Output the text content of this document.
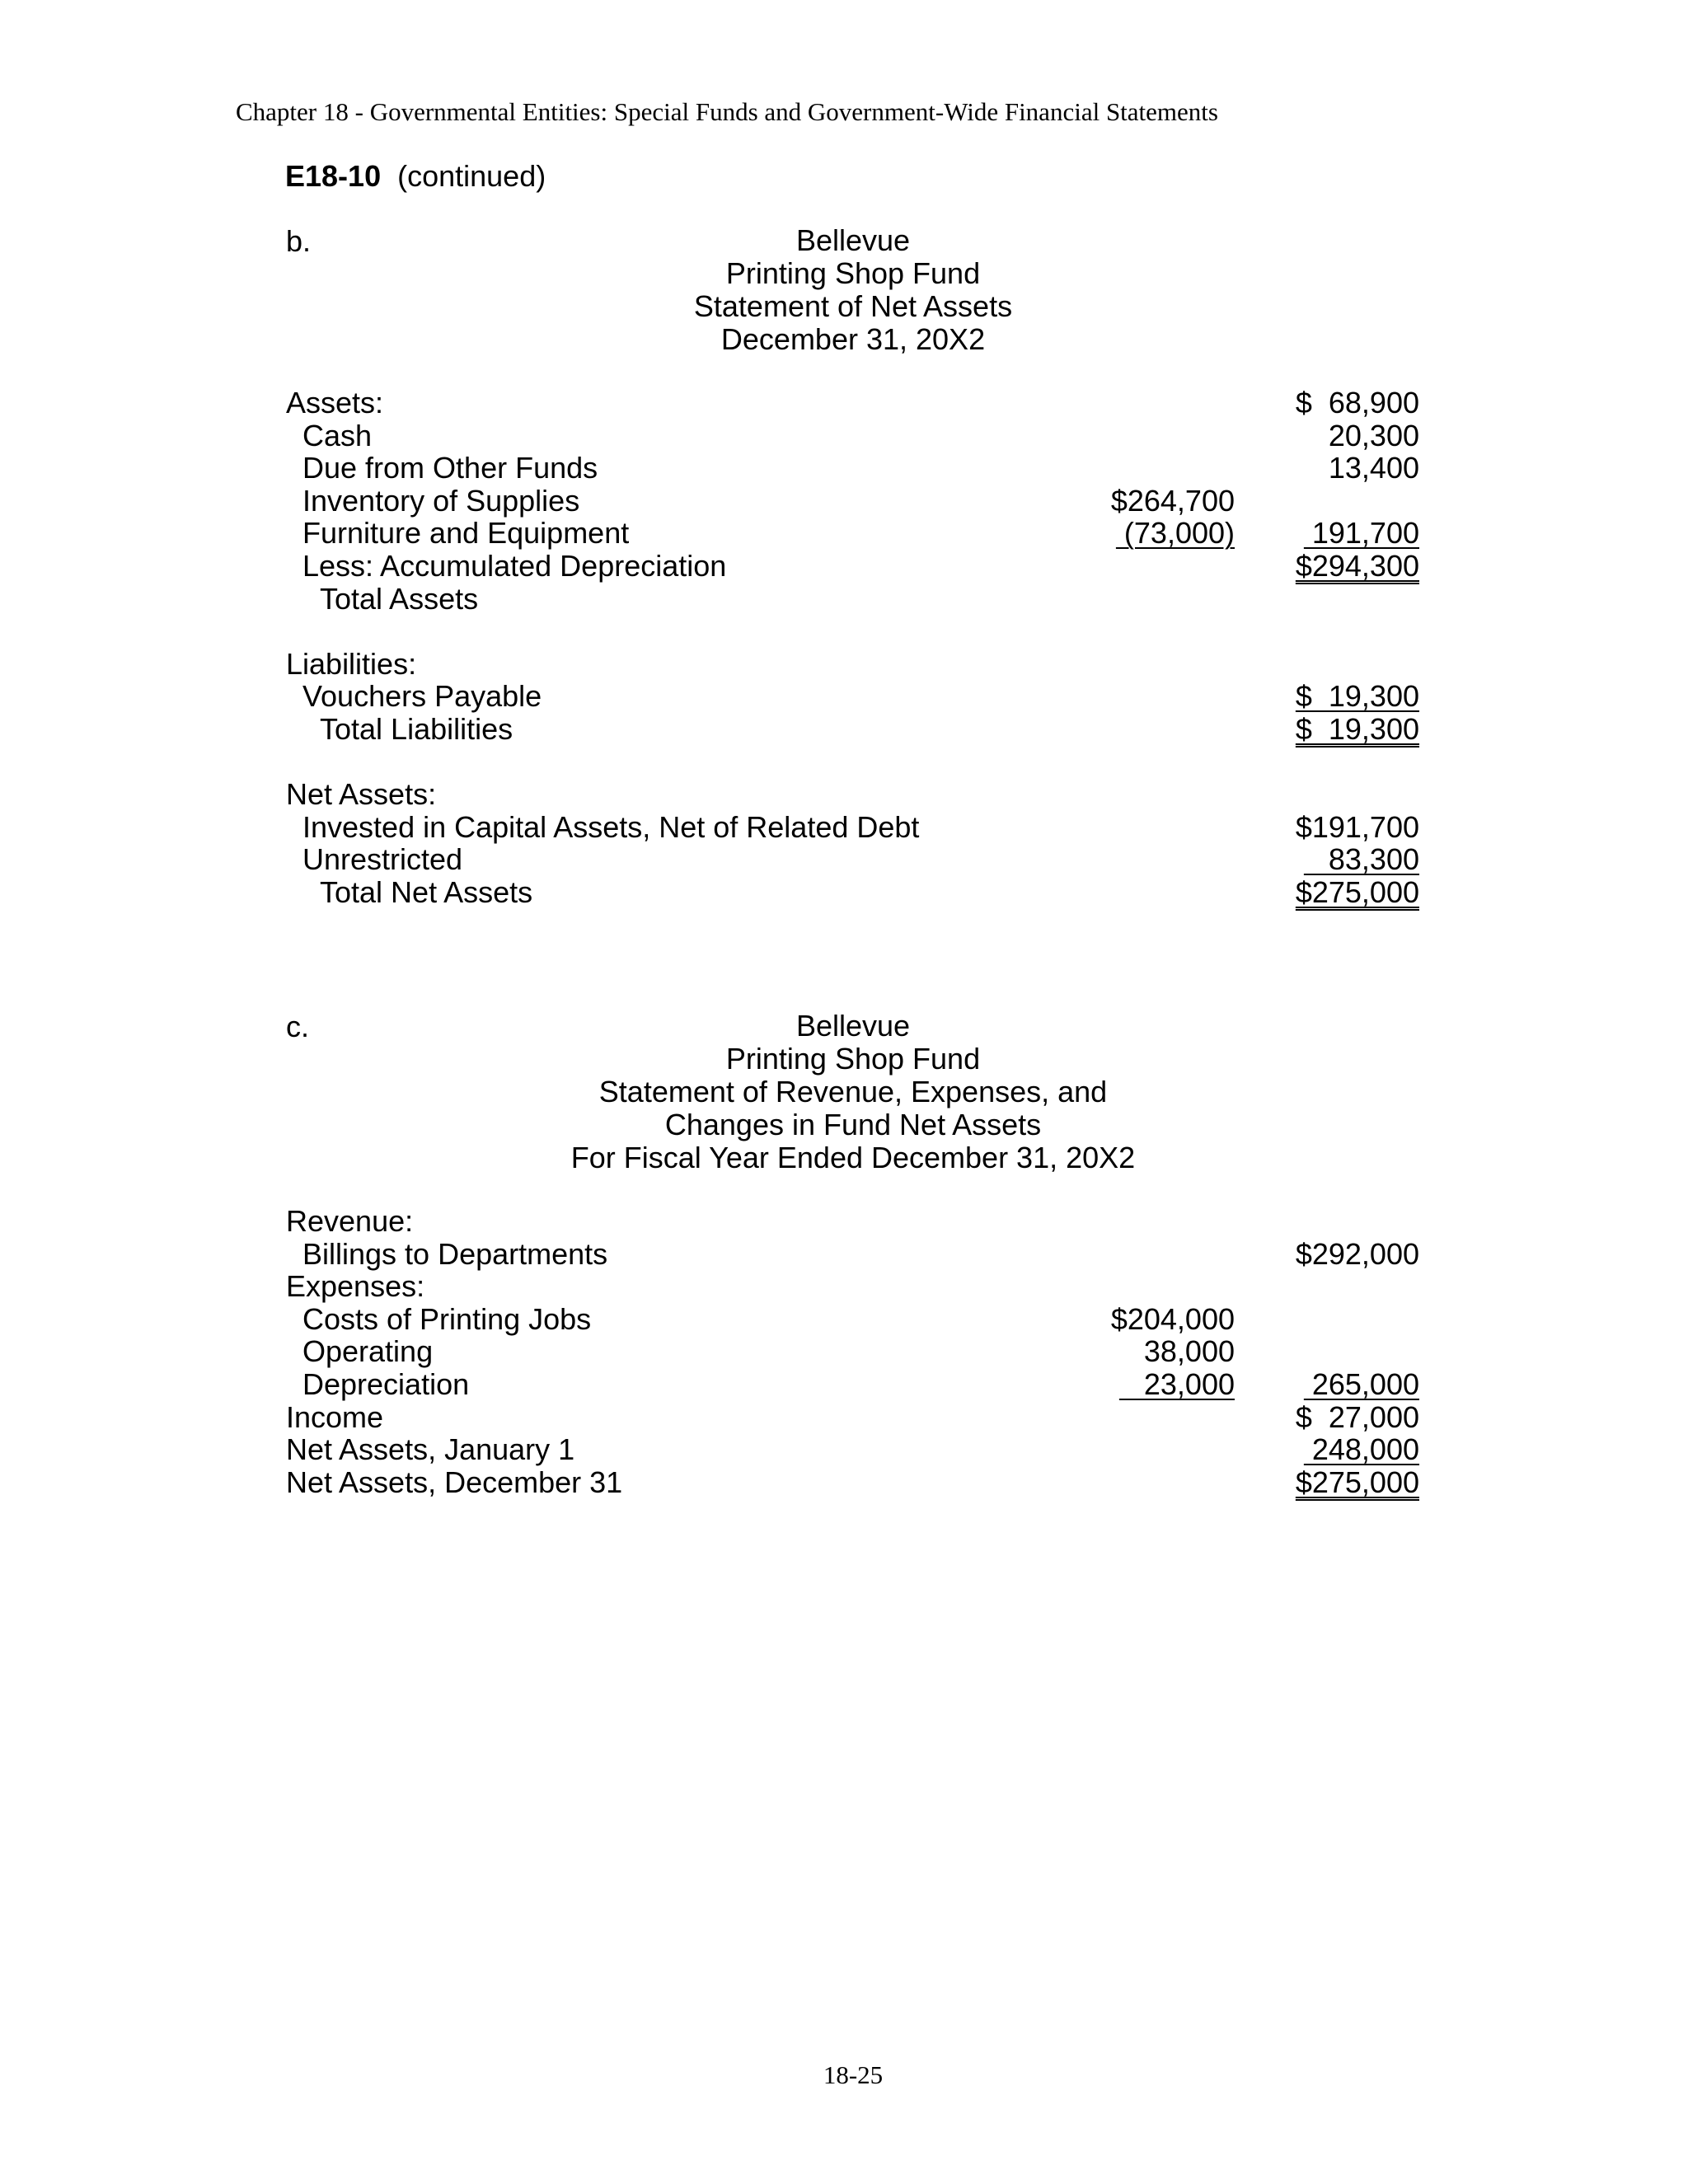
Chapter 18 - Governmental Entities: Special Funds and Government-Wide Financial Statements
E18-10 (continued)
b.	Bellevue
Printing Shop Fund
Statement of Net Assets
December 31, 20X2
Assets:	$  68,900
Cash	20,300
Due from Other Funds	13,400
Inventory of Supplies	$264,700
Furniture and Equipment	(73,000) 191,700
Less: Accumulated Depreciation	$294,300
Total Assets
Liabilities:
Vouchers Payable	$  19,300
Total Liabilities	$  19,300
Net Assets:
Invested in Capital Assets, Net of Related Debt	$191,700
Unrestricted	83,300
Total Net Assets	$275,000
c.	Bellevue
Printing Shop Fund
Statement of Revenue, Expenses, and
Changes in Fund Net Assets
For Fiscal Year Ended December 31, 20X2
Revenue:
Billings to Departments	$292,000
Expenses:
Costs of Printing Jobs	$204,000
Operating	38,000
Depreciation	23,000 265,000
Income	$  27,000
Net Assets, January 1	248,000
Net Assets, December 31	$275,000
18-25
